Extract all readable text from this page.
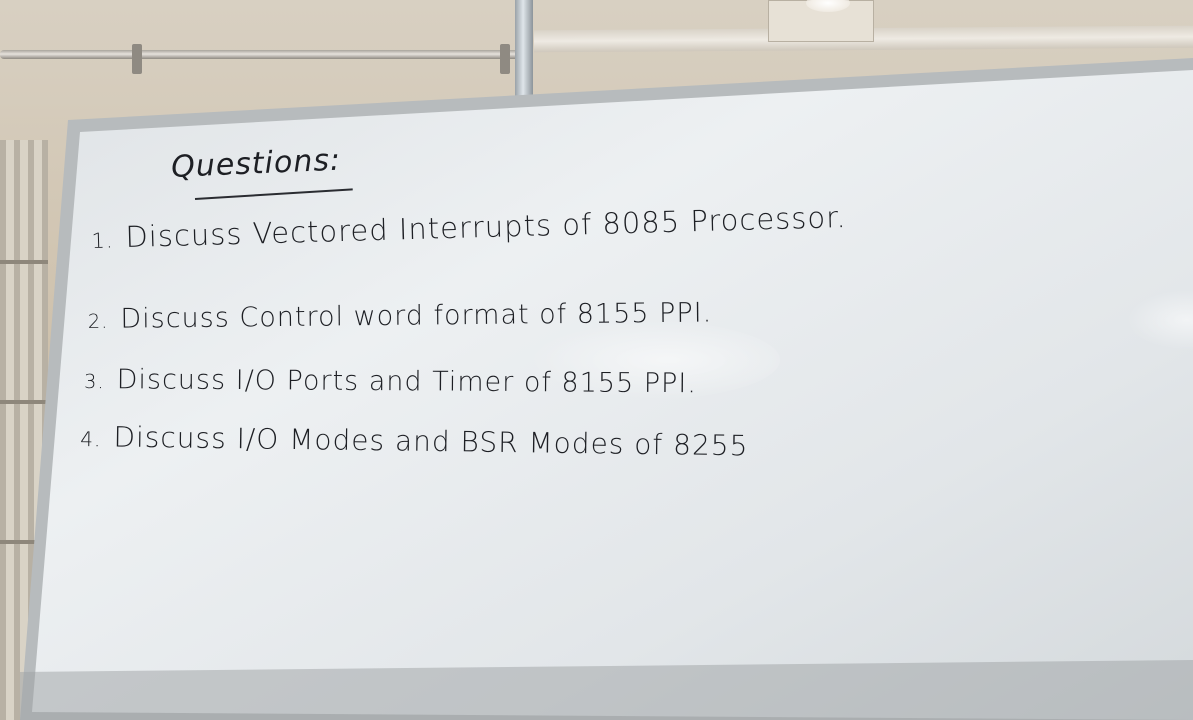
Questions:
1. Discuss Vectored Interrupts of 8085 Processor.
2. Discuss Control word format of 8155 PPI.
3. Discuss I/O Ports and Timer of 8155 PPI.
4. Discuss I/O Modes and BSR Modes of 8255
